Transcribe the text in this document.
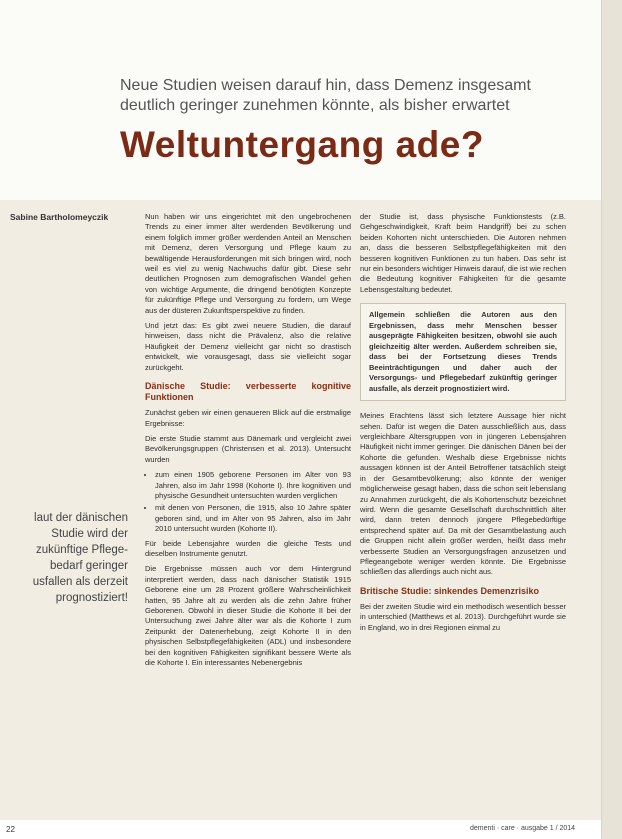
Neue Studien weisen darauf hin, dass Demenz insgesamt deutlich geringer zunehmen könnte, als bisher erwartet
Weltuntergang ade?
Sabine Bartholomeyczik
laut der dänischen
Studie wird der
zukünftige Pflege-
bedarf geringer
usfallen als derzeit
prognostiziert!

Nun haben wir uns eingerichtet mit den ungebrochenen Trends zu einer immer älter werdenden Bevölkerung und einem folglich immer größer werdenden Anteil an Menschen mit Demenz, deren Versorgung und Pflege kaum zu bewältigende Herausforderungen mit sich bringen wird, noch weil es viel zu wenig Nachwuchs dafür gibt. Diese sehr deutlichen Prognosen zum demografischen Wandel gehen von wichtige Argumente, die dringend benötigten Konzepte für zukünftige Pflege und Versorgung zu fordern, um Wege aus der düsteren Zukunftsperspektive zu finden.

Und jetzt das: Es gibt zwei neuere Studien, die darauf hinweisen, dass nicht die Prävalenz, also die relative Häufigkeit der Demenz vielleicht gar nicht so drastisch entwickelt, wie vorausgesagt, dass sie vielleicht sogar zurückgeht.

Dänische Studie: verbesserte kognitive Funktionen

Zunächst geben wir einen genaueren Blick auf die erstmalige Ergebnisse:

Die erste Studie stammt aus Dänemark und vergleicht zwei Bevölkerungsgruppen (Christensen et al. 2013). Untersucht wurden

• zum einen 1905 geborene Personen im Alter von 93 Jahren, also im Jahr 1998 (Kohorte I). Ihre kognitiven und physische Gesundheit untersuchten wurden verglichen
• mit denen von Personen, die 1915, also 10 Jahre später geboren sind, und im Alter von 95 Jahren, also im Jahr 2010 untersucht wurden (Kohorte II).

Für beide Lebensjahre wurden die gleiche Tests und dieselben Instrumente genutzt.

Die Ergebnisse müssen auch vor dem Hintergrund interpretiert werden, dass nach dänischer Statistik 1915 Geborene eine um 28 Prozent größere Wahrscheinlichkeit hatten, 95 Jahre alt zu werden als die zehn Jahre früher Geborenen. Obwohl in dieser Studie die Kohorte II bei der Untersuchung zwei Jahre älter war als die Kohorte I zum Zeitpunkt der Datenerhebung, zeigt Kohorte II in den physischen Selbstpflegefähigkeiten (ADL) und insbesondere bei den kognitiven Fähigkeiten signifikant bessere Werte als die Kohorte I. Ein interessantes Nebenergebnis

der Studie ist, dass physische Funktionstests (z.B. Gehgeschwindigkeit, Kraft beim Handgriff) bei zu schen beiden Kohorten nicht unterschieden. Die Autoren nehmen an, dass die besseren Selbstpflegefähigkeiten mit den besseren kognitiven Funktionen zu tun haben. Das sehr ist nur ein besonders wichtiger Hinweis darauf, die ist wie rechen die Bedeutung kognitiver Fähigkeiten für die gesamte Lebensgestaltung bedeutet.

Allgemein schließen die Autoren aus den Ergebnissen, dass mehr Menschen besser ausgeprägte Fähigkeiten besitzen, obwohl sie auch gleichzeitig älter werden. Außerdem schreiben sie, dass bei der Fortsetzung dieses Trends Beeinträchtigungen und daher auch der Versorgungs- und Pflegebedarf zukünftig geringer ausfalle, als derzeit prognostiziert wird.

Meines Erachtens lässt sich letztere Aussage hier nicht sehen. Dafür ist wegen die Daten ausschließlich aus, dass vergleichbare Altersgruppen von in jüngeren Lebensjahren Häufigkeit nicht immer geringer. Die dänischen Dänen bei der Kohorte die gefunden. Weshalb diese Ergebnisse nichts aussagen können ist der Anteil Betroffener tatsächlich steigt in der Gesamtbevölkerung; also könnte der weniger möglicherweise gesagt haben, dass die schon seit lebenslang zu Annahmen zurückgeht, die als Kohortenschutz bezeichnet wird. Wenn die gesamte Gesellschaft durchschnittlich älter wird, dann treten dennoch jüngere Pflegebedürftige entsprechend später auf. Da mit der Gesamtbelastung auch die Gruppen nicht allein größer werden, heißt dass mehr verbesserte Studien an Versorgungsfragen anzusetzen und Pflegeangebote weniger werden könnte. Die Ergebnisse schließen das allerdings auch nicht aus.

Britische Studie: sinkendes Demenzrisiko

Bei der zweiten Studie wird ein methodisch wesentlich besser in unterschied (Matthews et al. 2013). Durchgeführt wurde sie in England, wo in drei Regionen einmal zu

22	dementi · care · ausgabe 1 / 2014
